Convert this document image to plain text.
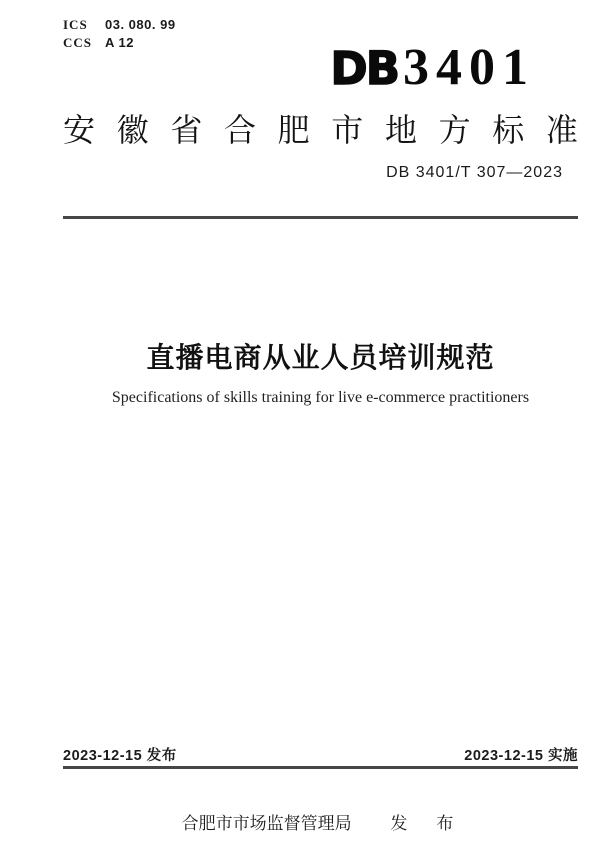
ICS	03. 080. 99
CCS A 12	DB 3401
安 徽 省 合 肥 市 地 方 标 准
DB 3401/T 307—2023
直播电商从业人员培训规范
Specifications of skills training for live e-commerce practitioners
2023-12-15 发布	2023-12-15 实施
合肥市市场监督管理局 发　布
